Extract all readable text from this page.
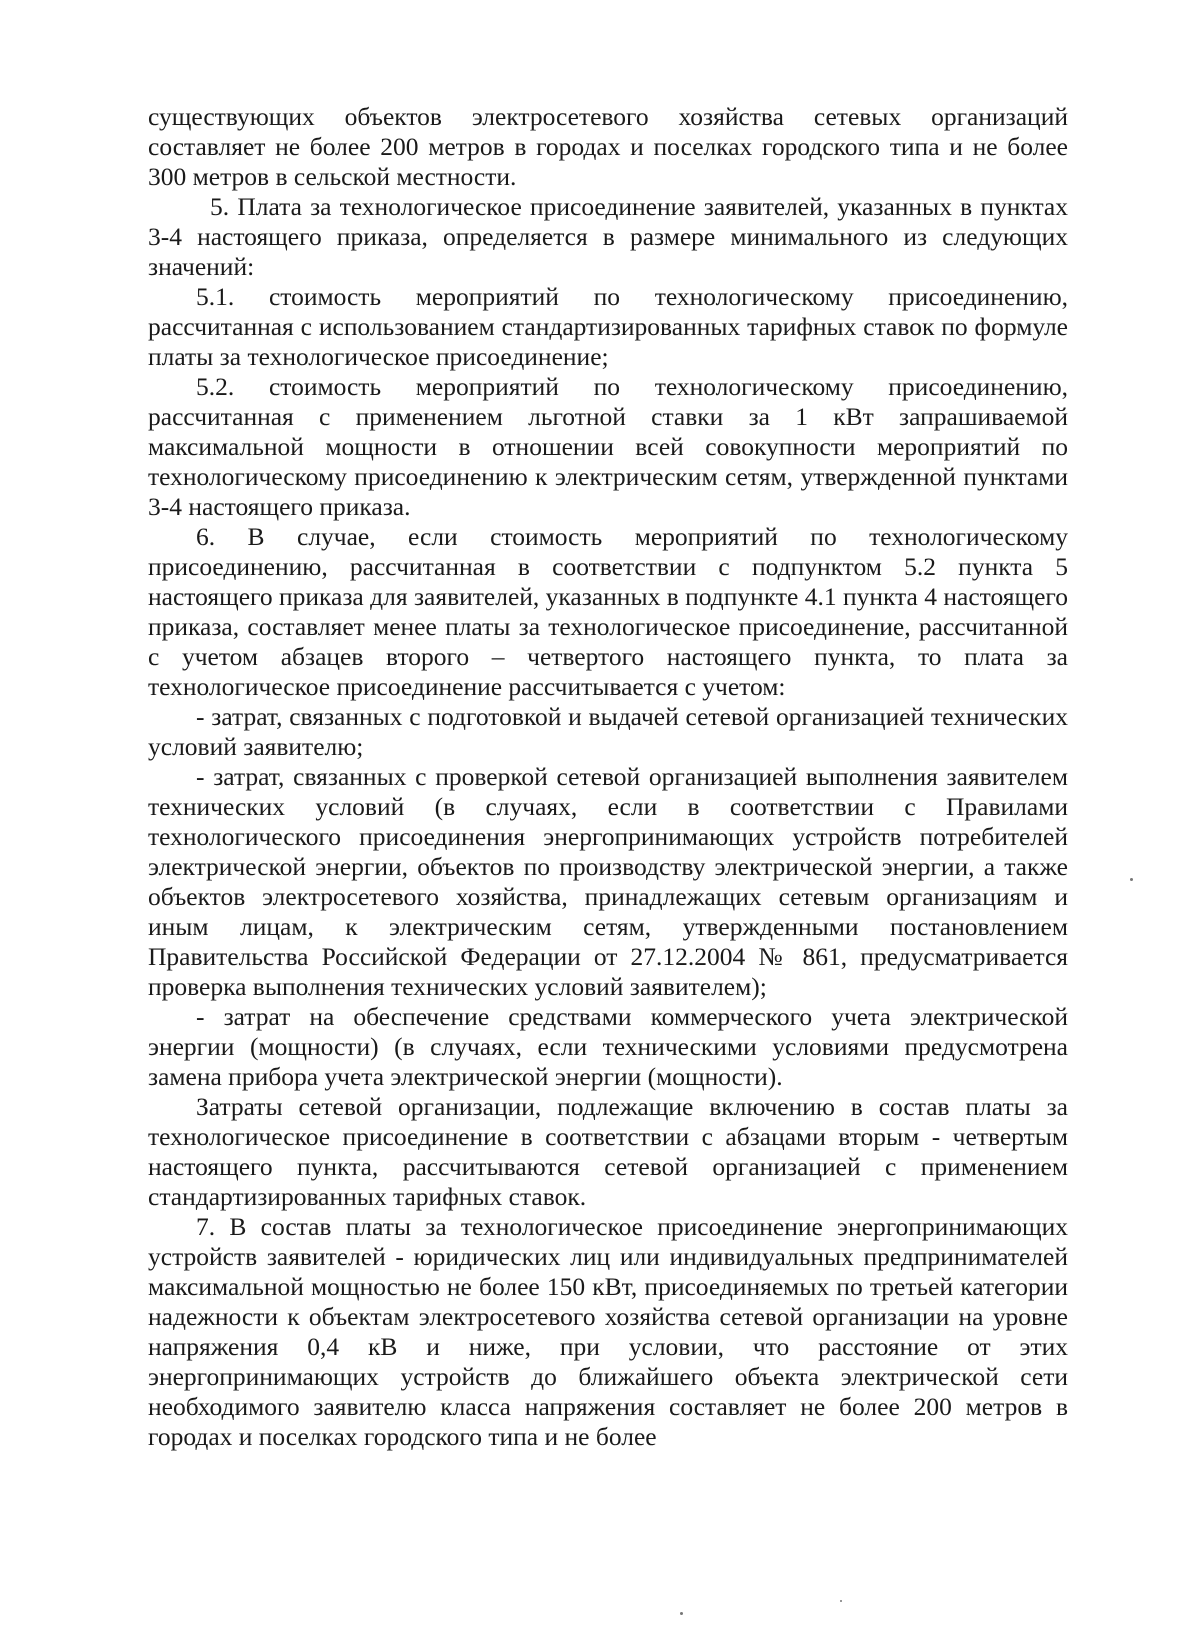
существующих объектов электросетевого хозяйства сетевых организаций составляет не более 200 метров в городах и поселках городского типа и не более 300 метров в сельской местности.

5. Плата за технологическое присоединение заявителей, указанных в пунктах 3-4 настоящего приказа, определяется в размере минимального из следующих значений:

5.1. стоимость мероприятий по технологическому присоединению, рассчитанная с использованием стандартизированных тарифных ставок по формуле платы за технологическое присоединение;

5.2. стоимость мероприятий по технологическому присоединению, рассчитанная с применением льготной ставки за 1 кВт запрашиваемой максимальной мощности в отношении всей совокупности мероприятий по технологическому присоединению к электрическим сетям, утвержденной пунктами 3-4 настоящего приказа.

6. В случае, если стоимость мероприятий по технологическому присоединению, рассчитанная в соответствии с подпунктом 5.2 пункта 5 настоящего приказа для заявителей, указанных в подпункте 4.1 пункта 4 настоящего приказа, составляет менее платы за технологическое присоединение, рассчитанной с учетом абзацев второго – четвертого настоящего пункта, то плата за технологическое присоединение рассчитывается с учетом:

- затрат, связанных с подготовкой и выдачей сетевой организацией технических условий заявителю;

- затрат, связанных с проверкой сетевой организацией выполнения заявителем технических условий (в случаях, если в соответствии с Правилами технологического присоединения энергопринимающих устройств потребителей электрической энергии, объектов по производству электрической энергии, а также объектов электросетевого хозяйства, принадлежащих сетевым организациям и иным лицам, к электрическим сетям, утвержденными постановлением Правительства Российской Федерации от 27.12.2004 № 861, предусматривается проверка выполнения технических условий заявителем);

- затрат на обеспечение средствами коммерческого учета электрической энергии (мощности) (в случаях, если техническими условиями предусмотрена замена прибора учета электрической энергии (мощности).

Затраты сетевой организации, подлежащие включению в состав платы за технологическое присоединение в соответствии с абзацами вторым - четвертым настоящего пункта, рассчитываются сетевой организацией с применением стандартизированных тарифных ставок.

7. В состав платы за технологическое присоединение энергопринимающих устройств заявителей - юридических лиц или индивидуальных предпринимателей максимальной мощностью не более 150 кВт, присоединяемых по третьей категории надежности к объектам электросетевого хозяйства сетевой организации на уровне напряжения 0,4 кВ и ниже, при условии, что расстояние от этих энергопринимающих устройств до ближайшего объекта электрической сети необходимого заявителю класса напряжения составляет не более 200 метров в городах и поселках городского типа и не более
